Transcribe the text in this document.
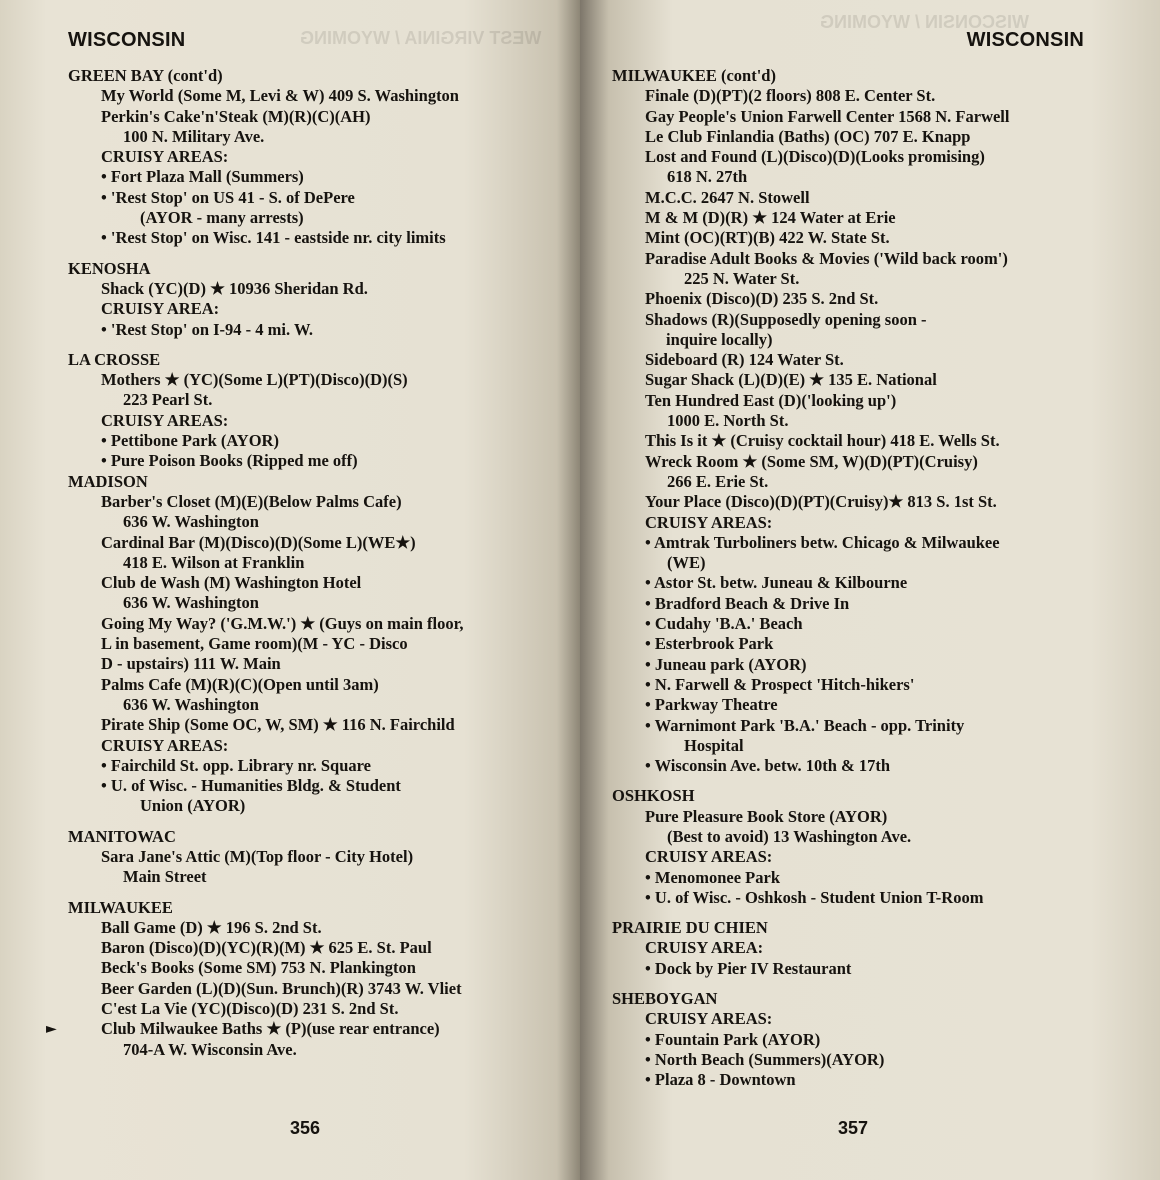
WEST VIRGINIA / WYOMING
WISCONSIN
GREEN BAY (cont'd)
My World (Some M, Levi & W) 409 S. Washington
Perkin's Cake'n'Steak (M)(R)(C)(AH)
100 N. Military Ave.
CRUISY AREAS:
• Fort Plaza Mall (Summers)
• 'Rest Stop' on US 41 - S. of DePere
(AYOR - many arrests)
• 'Rest Stop' on Wisc. 141 - eastside nr. city limits
KENOSHA
Shack (YC)(D) ★ 10936 Sheridan Rd.
CRUISY AREA:
• 'Rest Stop' on I-94 - 4 mi. W.
LA CROSSE
Mothers ★ (YC)(Some L)(PT)(Disco)(D)(S)
223 Pearl St.
CRUISY AREAS:
• Pettibone Park (AYOR)
• Pure Poison Books (Ripped me off)
MADISON
Barber's Closet (M)(E)(Below Palms Cafe)
636 W. Washington
Cardinal Bar (M)(Disco)(D)(Some L)(WE★)
418 E. Wilson at Franklin
Club de Wash (M) Washington Hotel
636 W. Washington
Going My Way? ('G.M.W.') ★ (Guys on main floor,
L in basement, Game room)(M - YC - Disco
D - upstairs) 111 W. Main
Palms Cafe (M)(R)(C)(Open until 3am)
636 W. Washington
Pirate Ship (Some OC, W, SM) ★ 116 N. Fairchild
CRUISY AREAS:
• Fairchild St. opp. Library nr. Square
• U. of Wisc. - Humanities Bldg. & Student
Union (AYOR)
MANITOWAC
Sara Jane's Attic (M)(Top floor - City Hotel)
Main Street
MILWAUKEE
Ball Game (D) ★ 196 S. 2nd St.
Baron (Disco)(D)(YC)(R)(M) ★ 625 E. St. Paul
Beck's Books (Some SM) 753 N. Plankington
Beer Garden (L)(D)(Sun. Brunch)(R) 3743 W. Vliet
C'est La Vie (YC)(Disco)(D) 231 S. 2nd St.
►	Club Milwaukee Baths ★ (P)(use rear entrance)
704-A W. Wisconsin Ave.
356
WISCONSIN / WYOMING
WISCONSIN
MILWAUKEE (cont'd)
Finale (D)(PT)(2 floors) 808 E. Center St.
Gay People's Union Farwell Center 1568 N. Farwell
Le Club Finlandia (Baths) (OC) 707 E. Knapp
Lost and Found (L)(Disco)(D)(Looks promising)
618 N. 27th
M.C.C. 2647 N. Stowell
M & M (D)(R) ★ 124 Water at Erie
Mint (OC)(RT)(B) 422 W. State St.
Paradise Adult Books & Movies ('Wild back room')
225 N. Water St.
Phoenix (Disco)(D) 235 S. 2nd St.
Shadows (R)(Supposedly opening soon -
inquire locally)
Sideboard (R) 124 Water St.
Sugar Shack (L)(D)(E) ★ 135 E. National
Ten Hundred East (D)('looking up')
1000 E. North St.
This Is it ★ (Cruisy cocktail hour) 418 E. Wells St.
Wreck Room ★ (Some SM, W)(D)(PT)(Cruisy)
266 E. Erie St.
Your Place (Disco)(D)(PT)(Cruisy)★ 813 S. 1st St.
CRUISY AREAS:
• Amtrak Turboliners betw. Chicago & Milwaukee
(WE)
• Astor St. betw. Juneau & Kilbourne
• Bradford Beach & Drive In
• Cudahy 'B.A.' Beach
• Esterbrook Park
• Juneau park (AYOR)
• N. Farwell & Prospect 'Hitch-hikers'
• Parkway Theatre
• Warnimont Park 'B.A.' Beach - opp. Trinity
Hospital
• Wisconsin Ave. betw. 10th & 17th
OSHKOSH
Pure Pleasure Book Store (AYOR)
(Best to avoid) 13 Washington Ave.
CRUISY AREAS:
• Menomonee Park
• U. of Wisc. - Oshkosh - Student Union T-Room
PRAIRIE DU CHIEN
CRUISY AREA:
• Dock by Pier IV Restaurant
SHEBOYGAN
CRUISY AREAS:
• Fountain Park (AYOR)
• North Beach (Summers)(AYOR)
• Plaza 8 - Downtown
357
